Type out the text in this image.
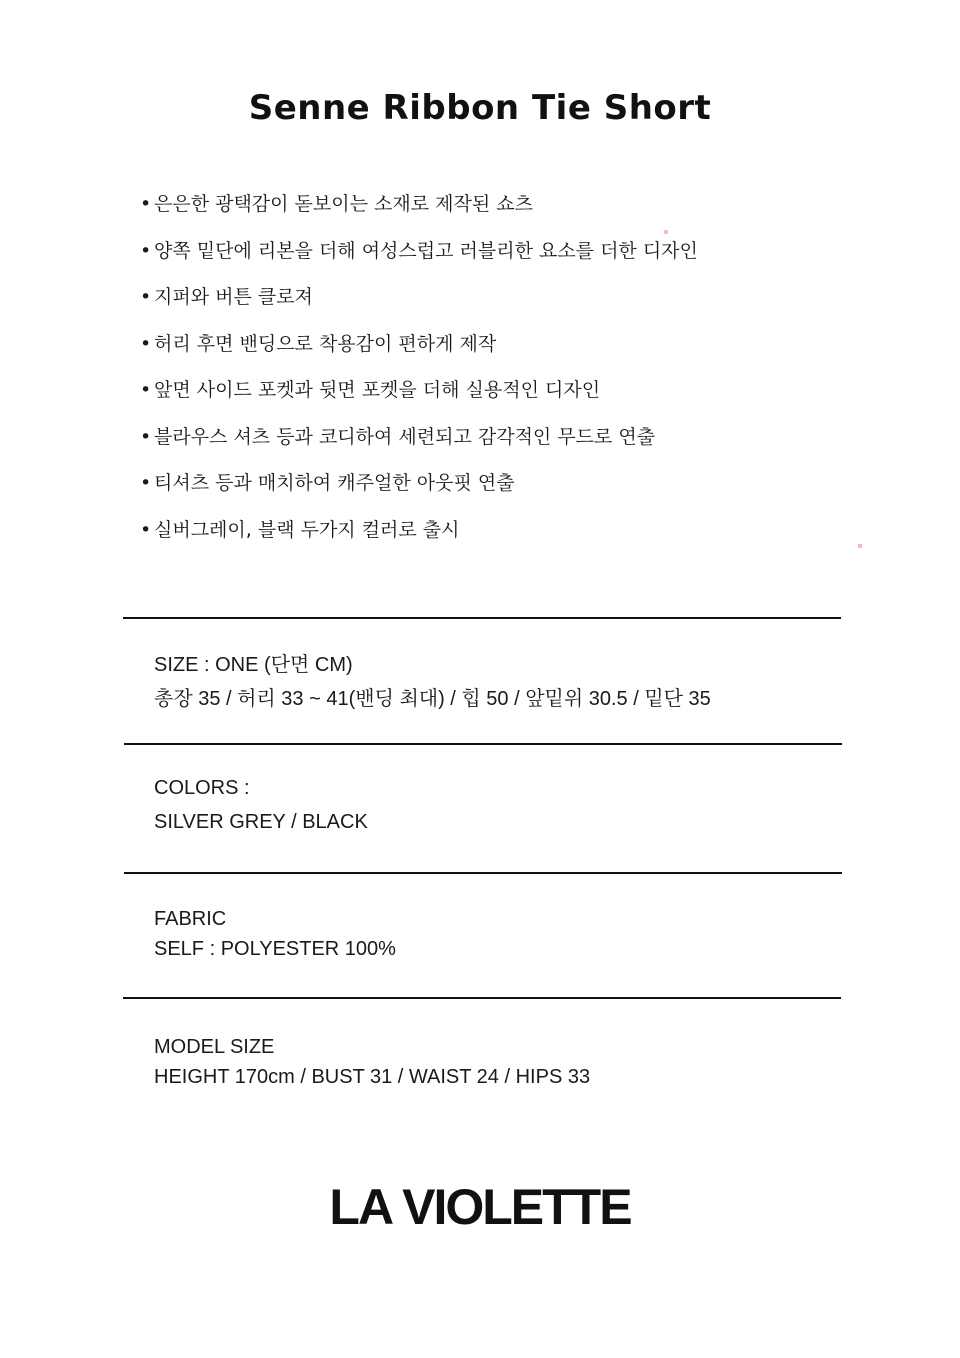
Senne Ribbon Tie Short
• 은은한 광택감이 돋보이는 소재로 제작된 쇼츠
• 양쪽 밑단에 리본을 더해 여성스럽고 러블리한 요소를 더한 디자인
• 지퍼와 버튼 클로져
• 허리 후면 밴딩으로 착용감이 편하게 제작
• 앞면 사이드 포켓과 뒷면 포켓을 더해 실용적인 디자인
• 블라우스 셔츠 등과 코디하여 세련되고 감각적인 무드로 연출
• 티셔츠 등과 매치하여 캐주얼한 아웃핏 연출
• 실버그레이, 블랙 두가지 컬러로 출시
SIZE : ONE (단면 CM)
총장 35 / 허리 33 ~ 41(밴딩 최대) / 힙 50 / 앞밑위 30.5 / 밑단 35
COLORS :
SILVER GREY / BLACK
FABRIC
SELF : POLYESTER 100%
MODEL SIZE
HEIGHT 170cm / BUST 31 / WAIST 24 / HIPS 33
LA VIOLETTE
